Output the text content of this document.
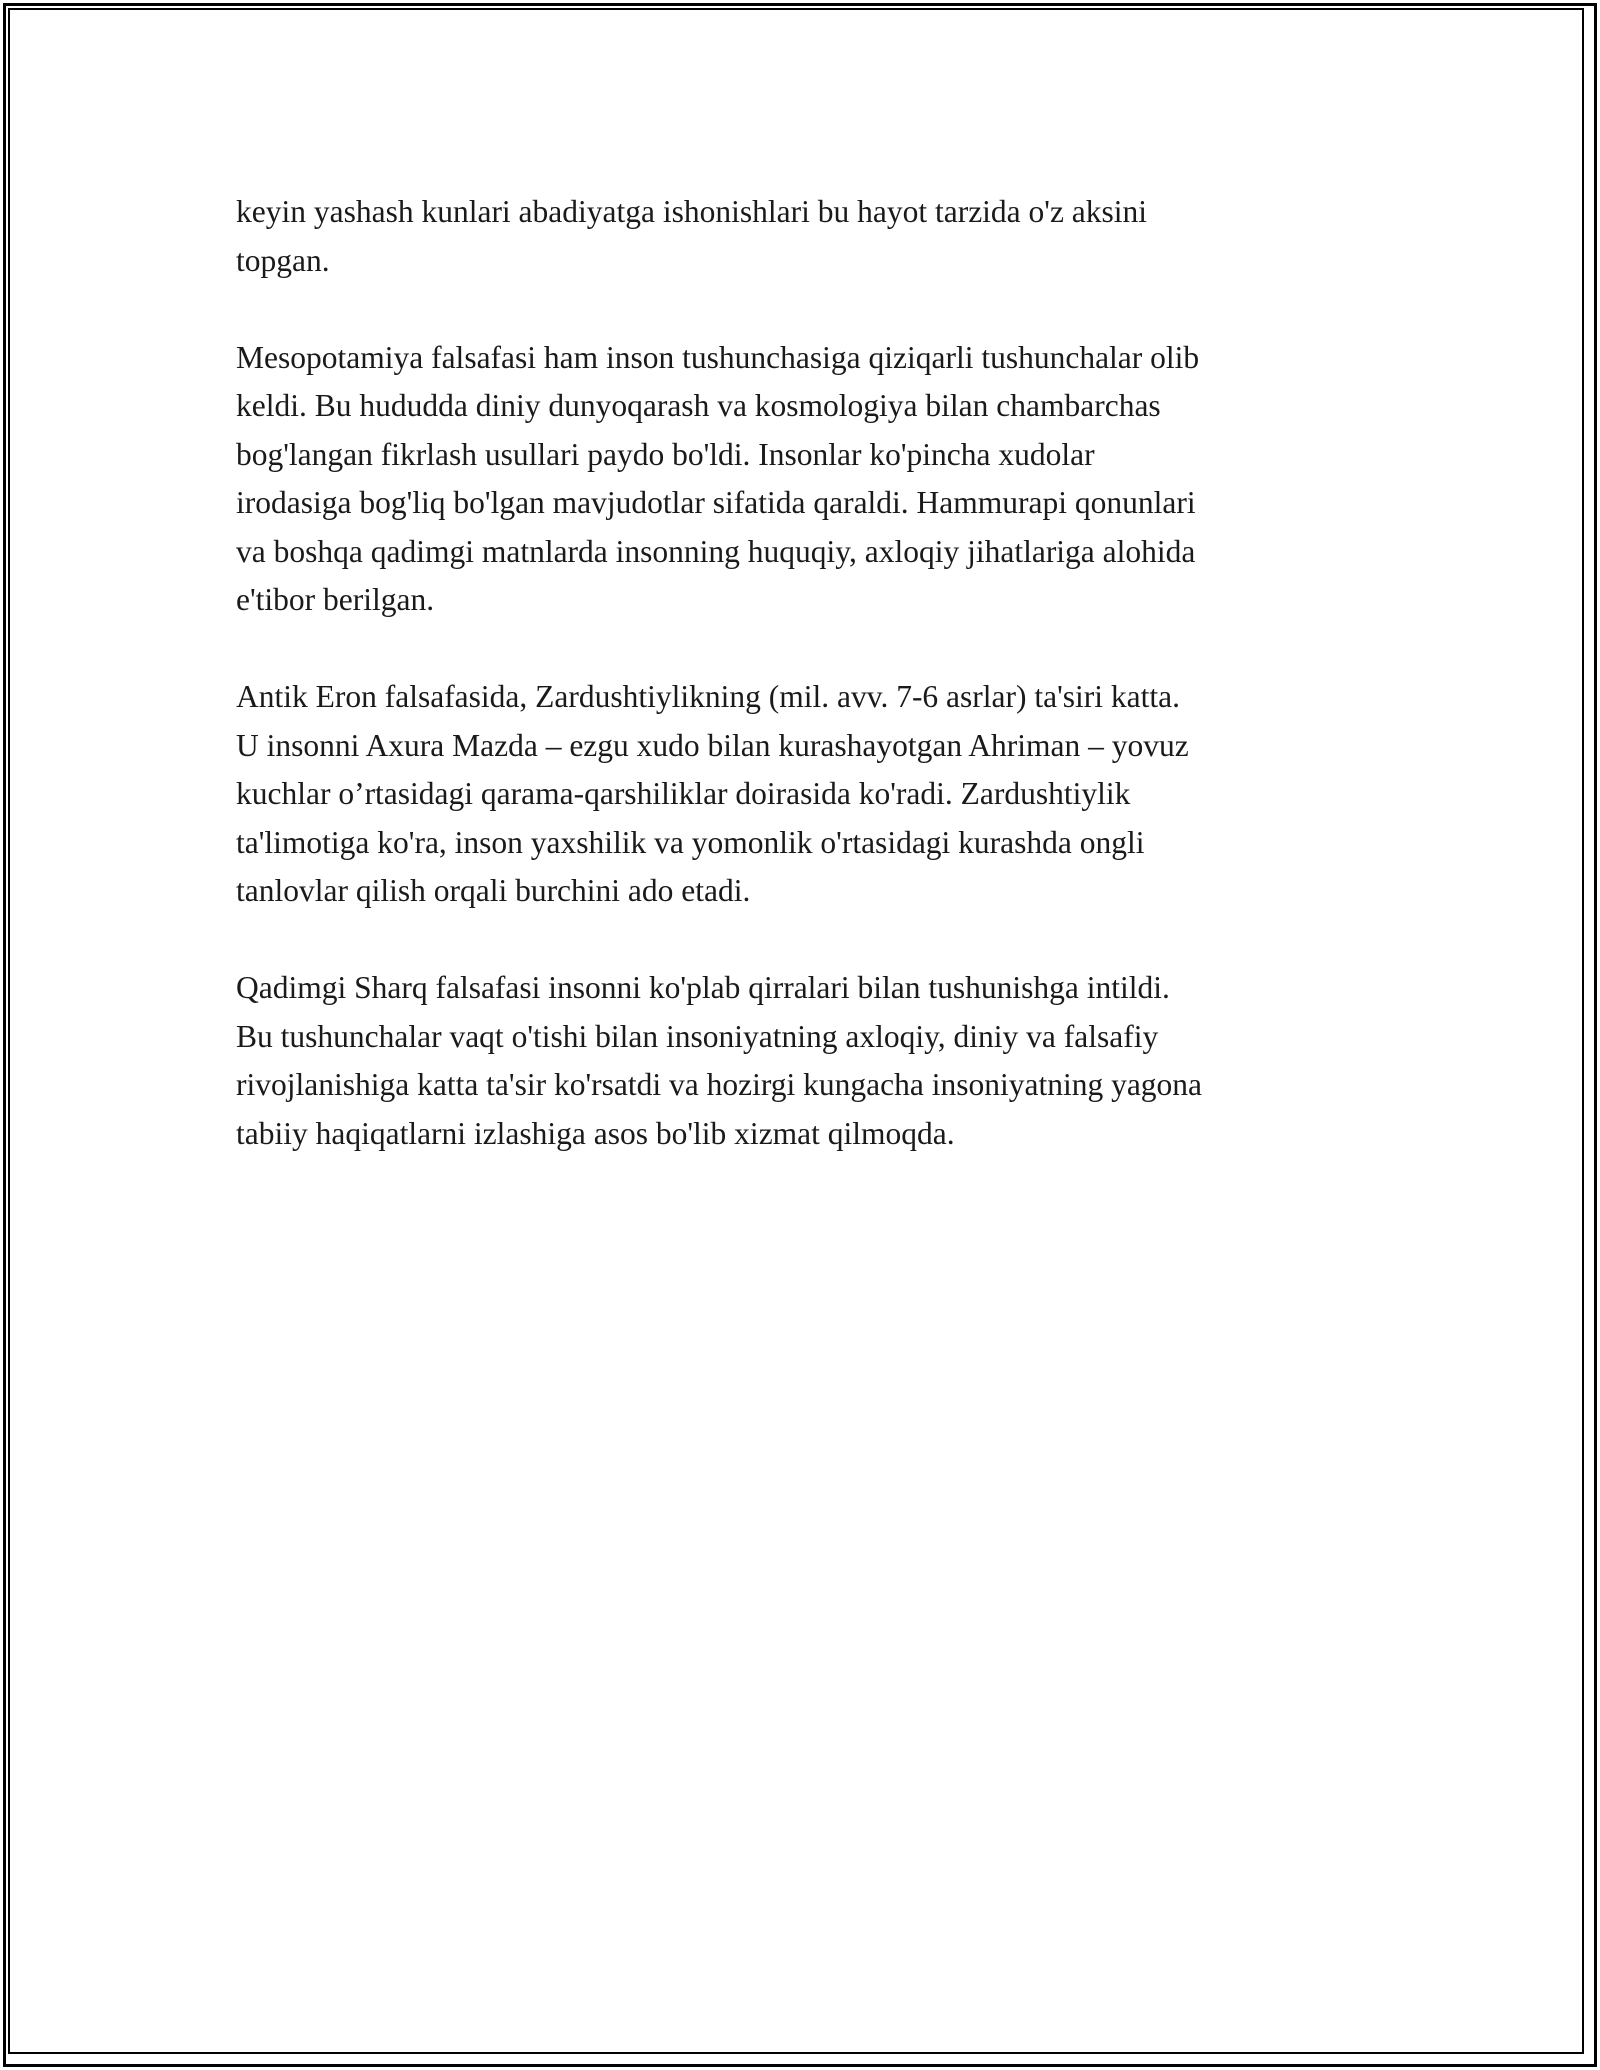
keyin yashash kunlari abadiyatga ishonishlari bu hayot tarzida o'z aksini
topgan.

Mesopotamiya falsafasi ham inson tushunchasiga qiziqarli tushunchalar olib
keldi. Bu hududda diniy dunyoqarash va kosmologiya bilan chambarchas
bog'langan fikrlash usullari paydo bo'ldi. Insonlar ko'pincha xudolar
irodasiga bog'liq bo'lgan mavjudotlar sifatida qaraldi. Hammurapi qonunlari
va boshqa qadimgi matnlarda insonning huquqiy, axloqiy jihatlariga alohida
e'tibor berilgan.

Antik Eron falsafasida, Zardushtiylikning (mil. avv. 7-6 asrlar) ta'siri katta.
U insonni Axura Mazda – ezgu xudo bilan kurashayotgan Ahriman – yovuz
kuchlar o’rtasidagi qarama-qarshiliklar doirasida ko'radi. Zardushtiylik
ta'limotiga ko'ra, inson yaxshilik va yomonlik o'rtasidagi kurashda ongli
tanlovlar qilish orqali burchini ado etadi.

Qadimgi Sharq falsafasi insonni ko'plab qirralari bilan tushunishga intildi.
Bu tushunchalar vaqt o'tishi bilan insoniyatning axloqiy, diniy va falsafiy
rivojlanishiga katta ta'sir ko'rsatdi va hozirgi kungacha insoniyatning yagona
tabiiy haqiqatlarni izlashiga asos bo'lib xizmat qilmoqda.
